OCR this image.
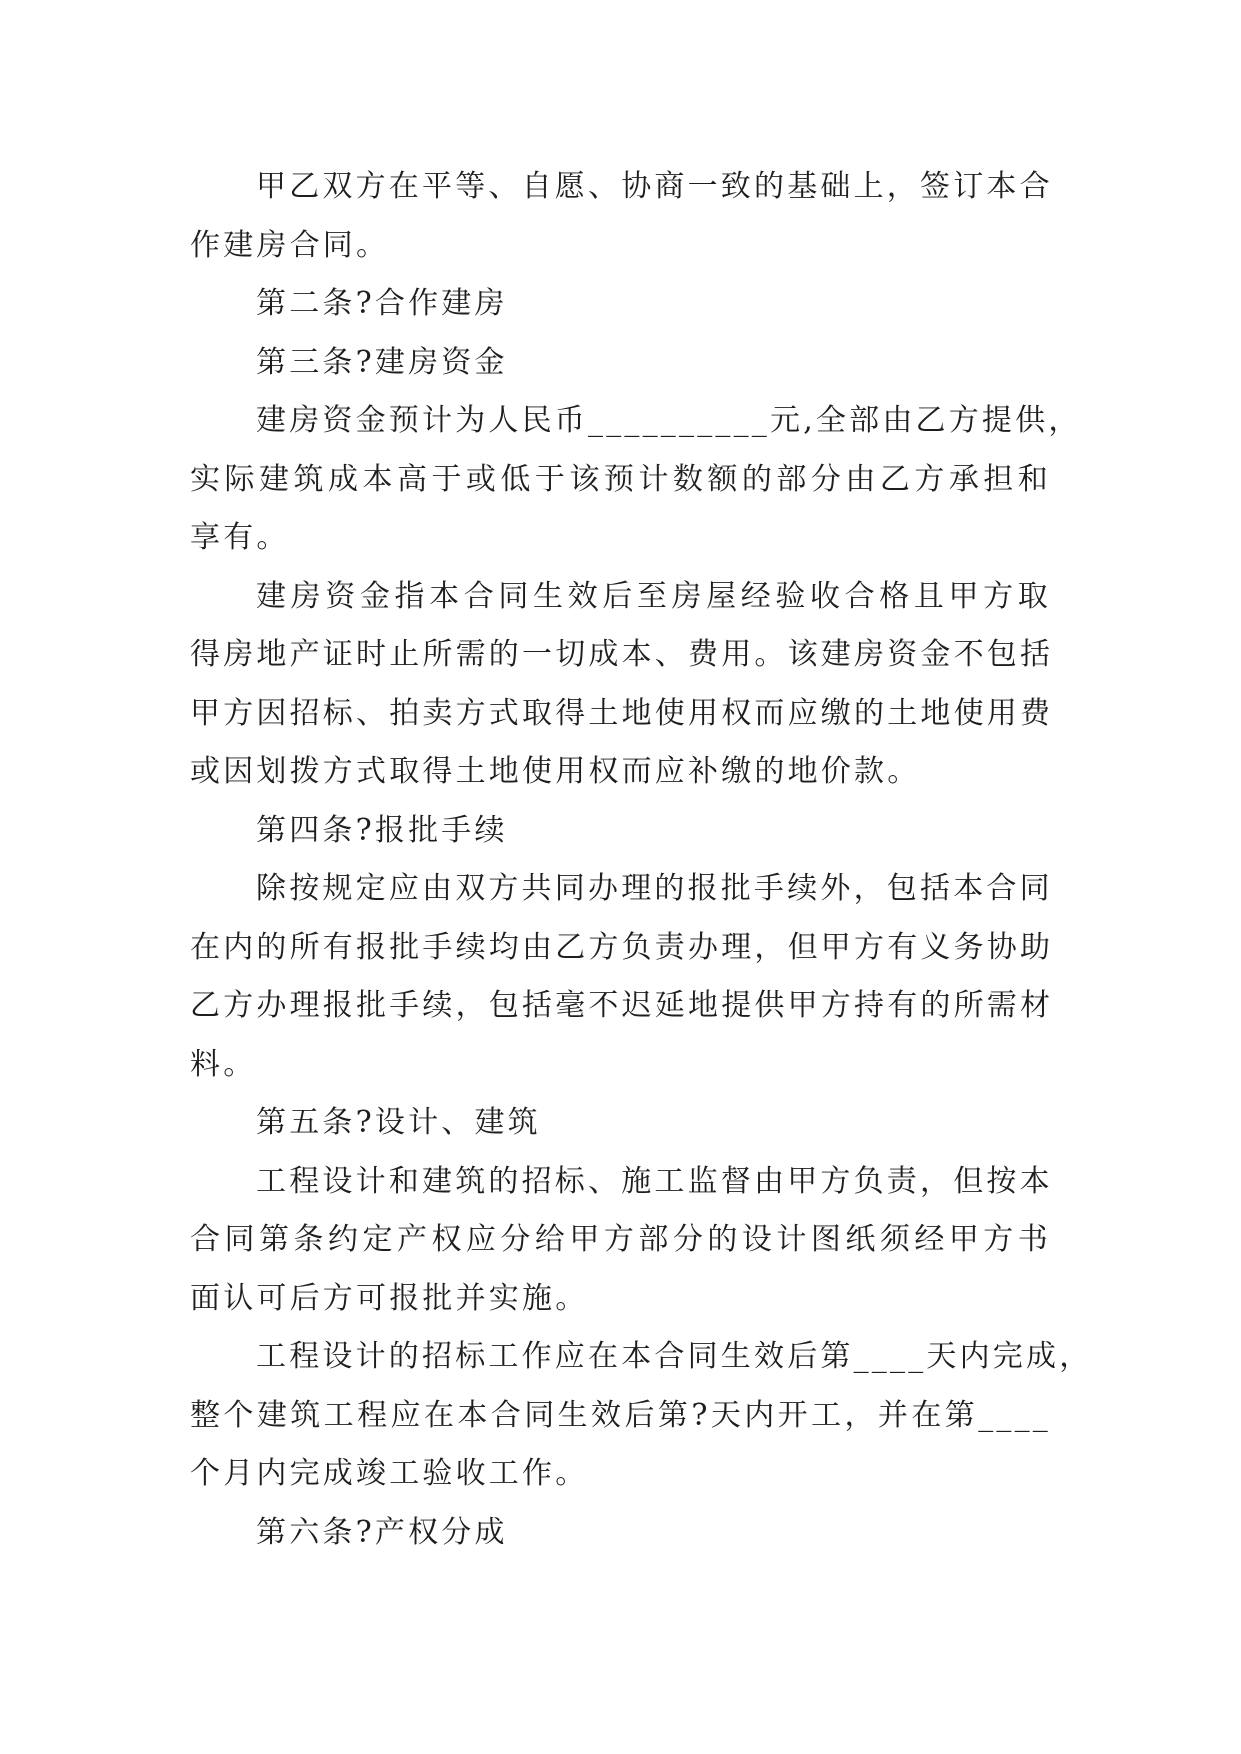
甲乙双方在平等、自愿、协商一致的基础上，签订本合
作建房合同。
第二条?合作建房
第三条?建房资金
建房资金预计为人民币__________元,全部由乙方提供，
实际建筑成本高于或低于该预计数额的部分由乙方承担和
享有。
建房资金指本合同生效后至房屋经验收合格且甲方取
得房地产证时止所需的一切成本、费用。该建房资金不包括
甲方因招标、拍卖方式取得土地使用权而应缴的土地使用费
或因划拨方式取得土地使用权而应补缴的地价款。
第四条?报批手续
除按规定应由双方共同办理的报批手续外，包括本合同
在内的所有报批手续均由乙方负责办理，但甲方有义务协助
乙方办理报批手续，包括毫不迟延地提供甲方持有的所需材
料。
第五条?设计、建筑
工程设计和建筑的招标、施工监督由甲方负责，但按本
合同第条约定产权应分给甲方部分的设计图纸须经甲方书
面认可后方可报批并实施。
工程设计的招标工作应在本合同生效后第____天内完成，
整个建筑工程应在本合同生效后第?天内开工，并在第____
个月内完成竣工验收工作。
第六条?产权分成
